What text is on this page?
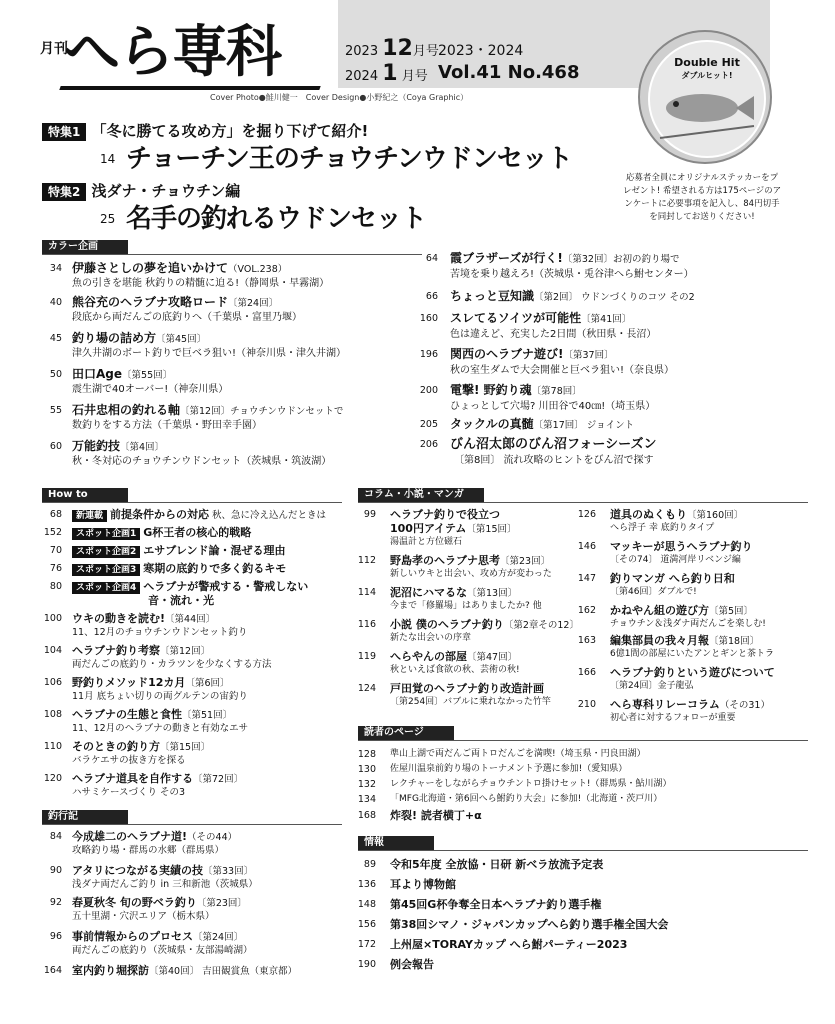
月刊
へら専科
Cover Photo●鮭川健一　Cover Design●小野紀之（Coya Graphic）
2023 12月号
2024 1 月号
2023・2024
Vol.41 No.468	Double Hit
ダブルヒット!
応募者全員にオリジナルステッカーをプレゼント! 希望される方は175ページのアンケートに必要事項を記入し、84円切手を同封してお送りください!
特集1 「冬に勝てる攻め方」を掘り下げて紹介!
14 チョーチン王のチョウチンウドンセット
特集2 浅ダナ・チョウチン編
25 名手の釣れるウドンセット
カラー企画
34 伊藤さとしの夢を追いかけて（VOL.238）
魚の引きを堪能 秋釣りの精髄に迫る!（静岡県・早霧湖）
40 熊谷充のヘラブナ攻略ロード〔第24回〕
段底から両だんごの底釣りへ（千葉県・富里乃堰）
45 釣り場の詰め方〔第45回〕
津久井湖のボート釣りで巨ベラ狙い!（神奈川県・津久井湖）
50 田口Age〔第55回〕
震生湖で40オーバー!（神奈川県）
55 石井忠相の釣れる軸〔第12回〕チョウチンウドンセットで
数釣りをする方法（千葉県・野田幸手園）
60 万能釣技〔第4回〕
秋・冬対応のチョウチンウドンセット（茨城県・筑波湖）
64 霞ブラザーズが行く!〔第32回〕お初の釣り場で
苦境を乗り越えろ!（茨城県・兎谷津へら鮒センター）
66 ちょっと豆知識〔第2回〕 ウドンづくりのコツ その2
160 スレてるソイツが可能性〔第41回〕
色は違えど、充実した2日間（秋田県・長沼）
196 関西のヘラブナ遊び!〔第37回〕
秋の室生ダムで大会開催と巨ベラ狙い!（奈良県）
200 電撃! 野釣り魂〔第78回〕
ひょっとして穴場? 川田谷で40㎝!（埼玉県）
205 タックルの真髄〔第17回〕 ジョイント
206 びん沼太郎のびん沼フォーシーズン
〔第8回〕 流れ攻略のヒントをびん沼で探す
How to
68	新連載 前提条件からの対応 秋、急に冷え込んだときは
152	スポット企画1 G杯王者の核心的戦略
70	スポット企画2 エサブレンド論・混ぜる理由
76	スポット企画3 寒期の底釣りで多く釣るキモ
80	スポット企画4 ヘラブナが警戒する・警戒しない
音・流れ・光
100 ウキの動きを読む!〔第44回〕
11、12月のチョウチンウドンセット釣り
104 ヘラブナ釣り考察〔第12回〕
両だんごの底釣り・カラツンを少なくする方法
106 野釣りメソッド12カ月〔第6回〕
11月 底ちょい切りの両グルテンの宙釣り
108 ヘラブナの生態と食性〔第51回〕
11、12月のヘラブナの動きと有効なエサ
110 そのときの釣り方〔第15回〕
バラケエサの抜き方を探る
120 ヘラブナ道具を自作する〔第72回〕
ハサミケースづくり その3
釣行記
84 今成雄二のヘラブナ道!（その44）
攻略釣り場・群馬の水郷（群馬県）
90 アタリにつながる実績の技〔第33回〕
浅ダナ両だんご釣り in 三和新池（茨城県）
92 春夏秋冬 旬の野ベラ釣り〔第23回〕
五十里湖・穴沢エリア（栃木県）
96 事前情報からのプロセス〔第24回〕
両だんごの底釣り（茨城県・友部湯崎湖）
164 室内釣り堀探訪〔第40回〕 吉田観賞魚（東京都）
コラム・小説・マンガ
99 ヘラブナ釣りで役立つ
100円アイテム〔第15回〕
湯温計と方位磁石
112 野島孝のヘラブナ思考〔第23回〕
新しいウキと出会い、攻め方が変わった
114 泥沼にハマるな〔第13回〕
今まで「修羅場」はありましたか? 他
116 小説 僕のヘラブナ釣り〔第2章その12〕
新たな出会いの序章
119 へらやんの部屋〔第47回〕
秋といえば食欲の秋、芸術の秋!
124 戸田覚のヘラブナ釣り改造計画
〔第254回〕バブルに乗れなかった竹竿
126 道具のぬくもり〔第160回〕
へら浮子 幸 底釣りタイプ
146 マッキーが思うヘラブナ釣り
〔その74〕 道満河岸リベンジ編
147 釣りマンガ へら釣り日和
〔第46回〕ダブルで!
162 かねやん組の遊び方〔第5回〕
チョウチン＆浅ダナ両だんごを楽しむ!
163 編集部員の我々月報〔第18回〕
6億1間の部屋にいたアンとギンと茶トラ
166 ヘラブナ釣りという遊びについて
〔第24回〕金子龍弘
210 へら専科リレーコラム（その31）
初心者に対するフォローが重要
読者のページ
128 準山上湖で両だんご両トロだんごを満喫!（埼玉県・円良田湖）
130 佐屋川温泉前釣り場のトーナメント予選に参加!（愛知県）
132 レクチャーをしながらチョウチントロ掛けセット!（群馬県・鮎川湖）
134 「MFG北海道・第6回へら鮒釣り大会」に参加!（北海道・茨戸川）
168 炸裂! 読者横丁+α
情報
89 令和5年度 全放協・日研 新ベラ放流予定表
136 耳より博物館
148 第45回G杯争奪全日本ヘラブナ釣り選手権
156 第38回シマノ・ジャパンカップへら釣り選手権全国大会
172 上州屋×TORAYカップ へら鮒パーティー2023
190 例会報告
